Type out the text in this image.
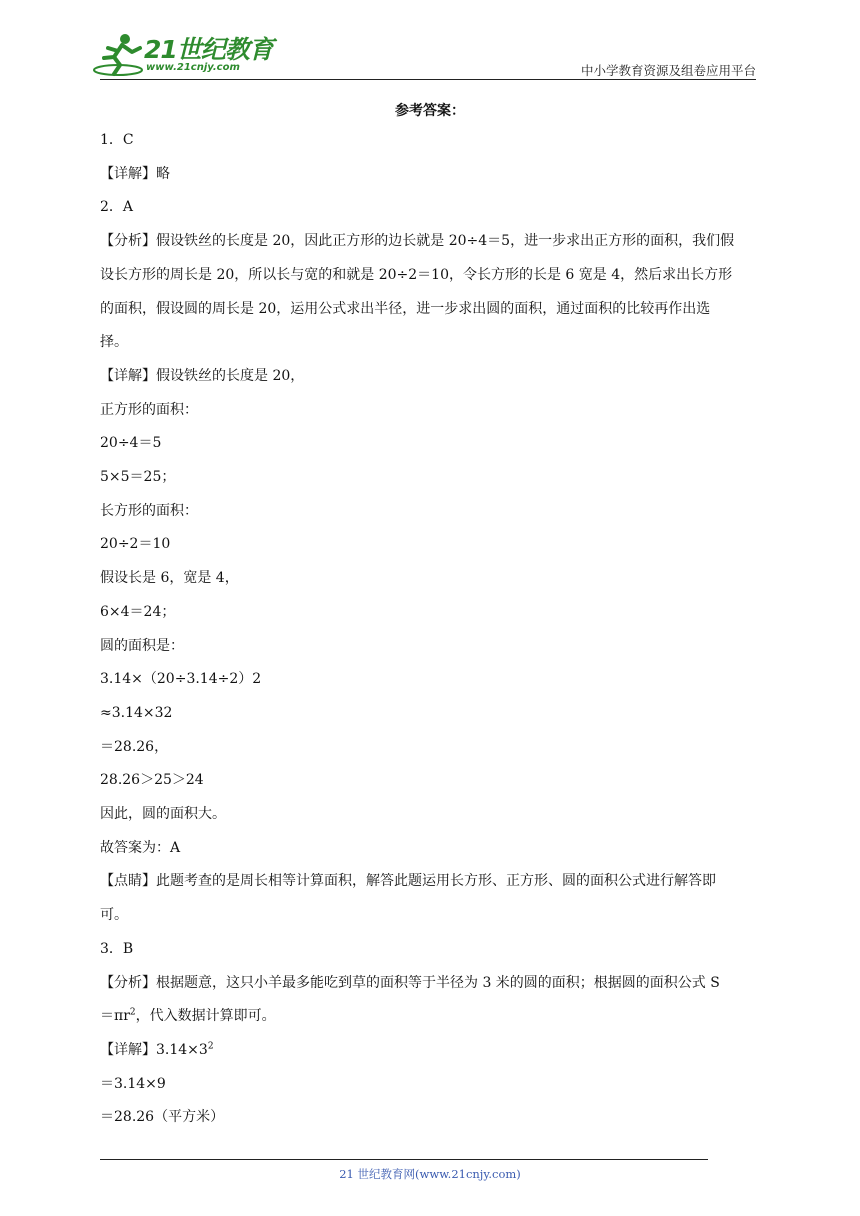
21世纪教育
www.21cnjy.com	中小学教育资源及组卷应用平台
参考答案：
1．C
【详解】略
2．A
【分析】假设铁丝的长度是 20，因此正方形的边长就是 20÷4＝5，进一步求出正方形的面积，我们假
设长方形的周长是 20，所以长与宽的和就是 20÷2＝10，令长方形的长是 6 宽是 4，然后求出长方形
的面积，假设圆的周长是 20，运用公式求出半径，进一步求出圆的面积，通过面积的比较再作出选
择。
【详解】假设铁丝的长度是 20，
正方形的面积：
20÷4＝5
5×5＝25；
长方形的面积：
20÷2＝10
假设长是 6，宽是 4，
6×4＝24；
圆的面积是：
3.14×（20÷3.14÷2）2
≈3.14×32
＝28.26，
28.26＞25＞24
因此，圆的面积大。
故答案为：A
【点睛】此题考查的是周长相等计算面积，解答此题运用长方形、正方形、圆的面积公式进行解答即
可。
3．B
【分析】根据题意，这只小羊最多能吃到草的面积等于半径为 3 米的圆的面积；根据圆的面积公式 S
$=\pi r^2$，代入数据计算即可。
【详解】$3.14\times 3^2$
＝3.14×9
＝28.26（平方米）
21 世纪教育网(www.21cnjy.com)
